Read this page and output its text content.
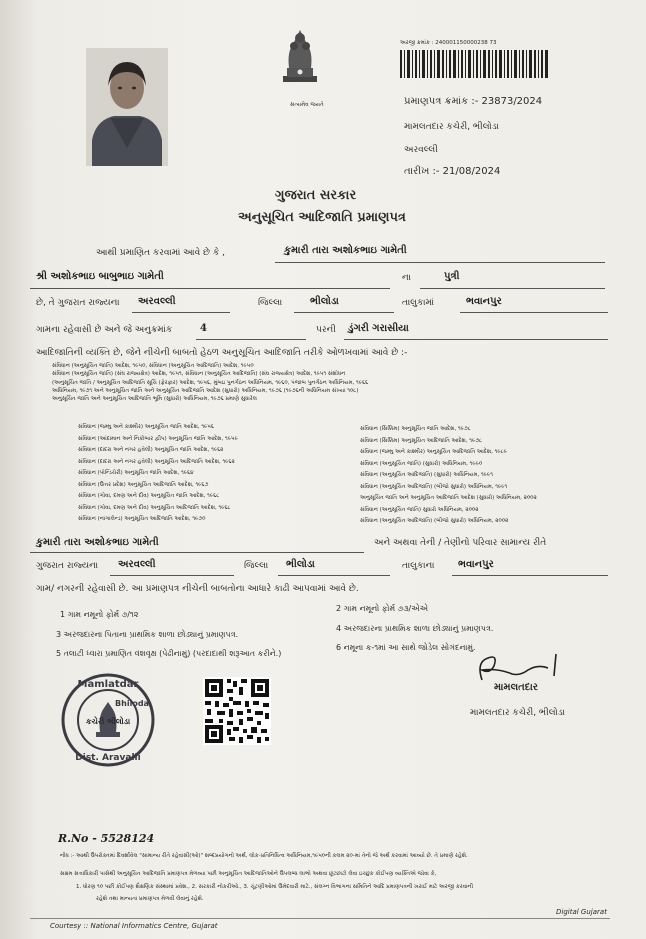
સત્યમેવ જયતે
અરજી ક્રમાંક : 240001150000238 73
પ્રમાણપત્ર ક્રમાંક :- 23873/2024
મામલતદાર કચેરી, ભીલોડા
અરવલ્લી
તારીખ :- 21/08/2024
ગુજરાત સરકાર
અનુસૂચિત આદિજાતિ પ્રમાણપત્ર
આથી પ્રમાણિત કરવામાં આવે છે કે ,	કુમારી તારા અશોકભાઇ ગામેતી
શ્રી અશોકભાઇ બાબુભાઇ ગામેતી	ના	પુત્રી
છે, તે ગુજરાત રાજ્યના અરવલ્લી	જિલ્લા	ભીલોડા	તાલુકામાં	ભવાનપુર
ગામના રહેવાસી છે અને જે અનુક્રમાંક	4	પરની ડુંગરી ગરાસીયા
આદિજાતિની વ્યક્તિ છે, જેને નીચેની બાબતો હેઠળ અનુસૂચિત આદિજાતિ તરીકે ઓળખવામાં આવે છે :-
સંવિધાન (અનુસૂચિત જાતિ) આદેશ, ૧૯૫૦, સંવિધાન (અનુસૂચિત આદિજાતિ) આદેશ, ૧૯૫૦
સંવિધાન (અનુસૂચિત જાતિ) (સંઘ રાજ્યક્ષેત્ર) આદેશ, ૧૯૫૧, સંવિધાન (અનુસૂચિત આદિજાતિ) (સંઘ રાજ્યક્ષેત્ર) આદેશ, ૧૯૫૧ સંશોધન
(અનુસૂચિત જાતિ / અનુસૂચિત આદિજાતિ સૂચિ (ફેરફાર) આદેશ, ૧૯૫૬, મુંબઇ પુનર્ગઠન અધિનિયમ, ૧૯૬૦, પંજાબ પુનર્ગઠન અધિનિયમ, ૧૯૬૬
અધિનિયમ, ૧૯૭૧ અને અનુસૂચિત જાતિ અને અનુસૂચિત આદિજાતિ આદેશ (સુધારો) અધિનિયમ, ૧૯૭૬ (૧૯૭૬ની અધિનિયમ સંખ્યા ૧૦૮)
અનુસૂચિત જાતિ અને અનુસૂચિત આદિજાતિ ભૂમિ (સુધારો) અધિનિયમ, ૧૯૭૬ પ્રમાણે સુધારેલ
સંવિધાન (જમ્મુ અને કાશ્મીર) અનુસૂચિત જાતિ આદેશ, ૧૯૫૬
સંવિધાન (આંદામાન અને નિકોબાર દ્વીપ) અનુસૂચિત જાતિ આદેશ, ૧૯૫૯
સંવિધાન (દાદરા અને નગર હવેલી) અનુસૂચિત જાતિ આદેશ, ૧૯૬૨
સંવિધાન (દાદરા અને નગર હવેલી) અનુસૂચિત આદિજાતિ આદેશ, ૧૯૬૨
સંવિધાન (પોન્ડિચેરી) અનુસૂચિત જાતિ આદેશ, ૧૯૬૪
સંવિધાન (ઉત્તર પ્રદેશ) અનુસૂચિત આદિજાતિ આદેશ, ૧૯૬૭
સંવિધાન (ગોવા, દમણ અને દીવ) અનુસૂચિત જાતિ આદેશ, ૧૯૬૮
સંવિધાન (ગોવા, દમણ અને દીવ) અનુસૂચિત આદિજાતિ આદેશ, ૧૯૬૮
સંવિધાન (નાગાલેન્ડ) અનુસૂચિત આદિજાતિ આદેશ, ૧૯૭૦
સંવિધાન (સિક્કિમ) અનુસૂચિત જાતિ આદેશ, ૧૯૭૮
સંવિધાન (સિક્કિમ) અનુસૂચિત આદિજાતિ આદેશ, ૧૯૭૮
સંવિધાન (જમ્મુ અને કાશ્મીર) અનુસૂચિત આદિજાતિ આદેશ, ૧૯૮૯
સંવિધાન (અનુસૂચિત જાતિ) (સુધારો) અધિનિયમ, ૧૯૯૦
સંવિધાન (અનુસૂચિત આદિજાતિ) (સુધારો) અધિનિયમ, ૧૯૯૧
સંવિધાન (અનુસૂચિત આદિજાતિ) (બીજો સુધારો) અધિનિયમ, ૧૯૯૧
અનુસૂચિત જાતિ અને અનુસૂચિત આદિજાતિ આદેશ (સુધારો) અધિનિયમ, ૨૦૦૨
સંવિધાન (અનુસૂચિત જાતિ) સુધારો અધિનિયમ, ૨૦૦૨
સંવિધાન (અનુસૂચિત આદિજાતિ) (બીજો સુધારો) અધિનિયમ, ૨૦૦૨
કુમારી તારા અશોકભાઇ ગામેતી	અને અથવા તેની / તેણીનો પરિવાર સામાન્ય રીતે
ગુજરાત રાજ્યના અરવલ્લી	જિલ્લા ભીલોડા	તાલુકાના ભવાનપુર
ગામ/ નગરની રહેવાસી છે. આ પ્રમાણપત્ર નીચેની બાબતોના આધારે કાઢી આપવામાં આવે છે.
1 ગામ નમૂનો ફોર્મ ૭/૧૨
2 ગામ નમૂનો ફોર્મ ૭૩/એએ
3 અરજદારના પિતાના પ્રાથમિક શાળા છોડ્યાનું પ્રમાણપત્ર.
4 અરજદારના પ્રાથમિક શાળા છોડ્યાનું પ્રમાણપત્ર.
5 તલાટી ધ્વારા પ્રમાણિત વંશવૃક્ષ (પેઢીનામું) (પરદાદાથી શરૂઆત કરીને.)
6 નમૂના ક-૧માં આ સાથે જોડેલ સોગંદનામું.
Mamlatdar
Bhiloda
કચેરી ભીલોડા
Dist. Aravalli
મામલતદાર
મામલતદાર કચેરી, ભીલોડા
R.No - 5528124
નોંધ :- આથી ઉપરોક્તમાં દિવર્શાવેલ "સામાન્ય રીતે રહેવાસી(ઓ)" શબ્દપ્રયોગનો અર્થ, લોક-પ્રતિનિધિત્વ અધિનિયમ,૧૯૫૦ની કલમ ૨૦-માં તેનો જે અર્થ કરવામાં આવ્યો છે. તે પ્રમાણે રહેશે.
સક્ષમ સત્તાધિકારી પાસેથી અનુસૂચિત આદિજાતિ પ્રમાણપત્ર મેળવ્યા પછી અનુસૂચિત આદિજાતિઓને ઉપલબ્ધ લાભો અથવા છૂટછાટો લેવા ઇચ્છુક કોઈપણ વ્યક્તિએ જોવા કે,
1. ધોરણ ૧૦ પછી કોઈપણ શૈક્ષણિક સંસ્થામાં પ્રવેશ., 2. સરકારી નોકરીઓ., 3. ચૂંટણીઓમાં ઉમેદવારી માટે., સંલગ્ન વિભાગના સમિતિને આદિ પ્રમાણપત્રની ખરાઈ માટે અરજી કરવાની
રહેશે તથા માન્યતા પ્રમાણપત્ર મેળવી લેવાનું રહેશે.
Courtesy :: National Informatics Centre, Gujarat
Digital Gujarat
